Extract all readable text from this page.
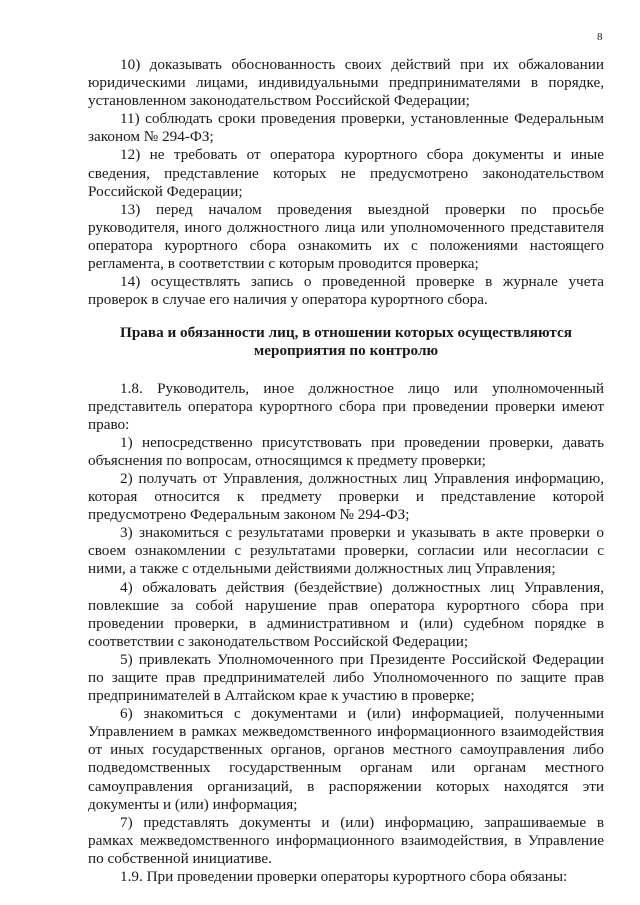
8

10) доказывать обоснованность своих действий при их обжаловании юридическими лицами, индивидуальными предпринимателями в порядке, установленном законодательством Российской Федерации;

11) соблюдать сроки проведения проверки, установленные Федеральным законом № 294-ФЗ;

12) не требовать от оператора курортного сбора документы и иные сведения, представление которых не предусмотрено законодательством Российской Федерации;

13) перед началом проведения выездной проверки по просьбе руководителя, иного должностного лица или уполномоченного представителя оператора курортного сбора ознакомить их с положениями настоящего регламента, в соответствии с которым проводится проверка;

14) осуществлять запись о проведенной проверке в журнале учета проверок в случае его наличия у оператора курортного сбора.

Права и обязанности лиц, в отношении которых осуществляются
мероприятия по контролю

1.8. Руководитель, иное должностное лицо или уполномоченный представитель оператора курортного сбора при проведении проверки имеют право:

1) непосредственно присутствовать при проведении проверки, давать объяснения по вопросам, относящимся к предмету проверки;

2) получать от Управления, должностных лиц Управления информацию, которая относится к предмету проверки и представление которой предусмотрено Федеральным законом № 294-ФЗ;

3) знакомиться с результатами проверки и указывать в акте проверки о своем ознакомлении с результатами проверки, согласии или несогласии с ними, а также с отдельными действиями должностных лиц Управления;

4) обжаловать действия (бездействие) должностных лиц Управления, повлекшие за собой нарушение прав оператора курортного сбора при проведении проверки, в административном и (или) судебном порядке в соответствии с законодательством Российской Федерации;

5) привлекать Уполномоченного при Президенте Российской Федерации по защите прав предпринимателей либо Уполномоченного по защите прав предпринимателей в Алтайском крае к участию в проверке;

6) знакомиться с документами и (или) информацией, полученными Управлением в рамках межведомственного информационного взаимодействия от иных государственных органов, органов местного самоуправления либо подведомственных государственным органам или органам местного самоуправления организаций, в распоряжении которых находятся эти документы и (или) информация;

7) представлять документы и (или) информацию, запрашиваемые в рамках межведомственного информационного взаимодействия, в Управление по собственной инициативе.

1.9. При проведении проверки операторы курортного сбора обязаны:
